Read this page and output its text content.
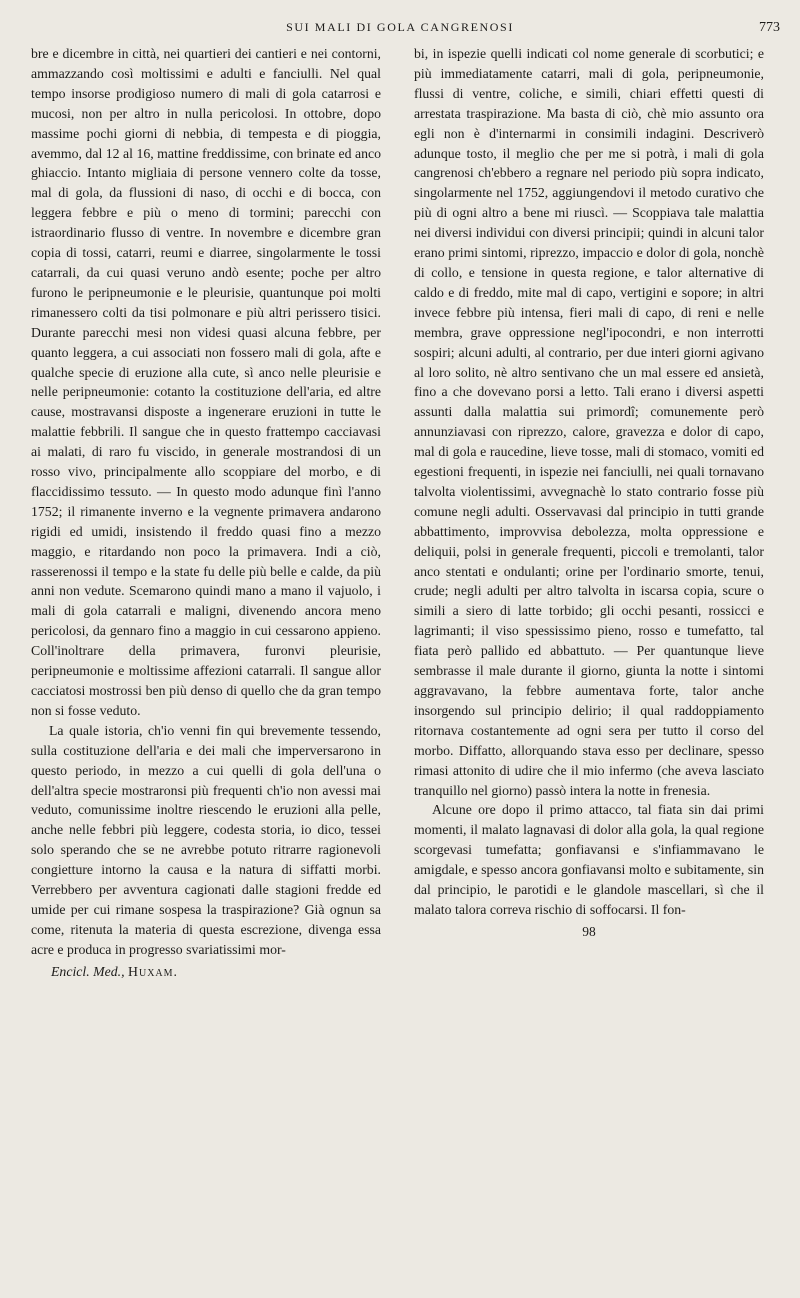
SUI MALI DI GOLA CANGRENOSI	773

bre e dicembre in città, nei quartieri dei cantieri e nei contorni, ammazzando così moltissimi e adulti e fanciulli. Nel qual tempo insorse prodigioso numero di mali di gola catarrosi e mucosi, non per altro in nulla pericolosi. In ottobre, dopo massime pochi giorni di nebbia, di tempesta e di pioggia, avemmo, dal 12 al 16, mattine freddissime, con brinate ed anco ghiaccio. Intanto migliaia di persone vennero colte da tosse, mal di gola, da flussioni di naso, di occhi e di bocca, con leggera febbre e più o meno di tormini; parecchi con istraordinario flusso di ventre. In novembre e dicembre gran copia di tossi, catarri, reumi e diarree, singolarmente le tossi catarrali, da cui quasi veruno andò esente; poche per altro furono le peripneumonie e le pleurisie, quantunque poi molti rimanessero colti da tisi polmonare e più altri perissero tisici. Durante parecchi mesi non videsi quasi alcuna febbre, per quanto leggera, a cui associati non fossero mali di gola, afte e qualche specie di eruzione alla cute, sì anco nelle pleurisie e nelle peripneumonie: cotanto la costituzione dell'aria, ed altre cause, mostravansi disposte a ingenerare eruzioni in tutte le malattie febbrili. Il sangue che in questo frattempo cacciavasi ai malati, di raro fu viscido, in generale mostrandosi di un rosso vivo, principalmente allo scoppiare del morbo, e di flaccidissimo tessuto. — In questo modo adunque finì l'anno 1752; il rimanente inverno e la vegnente primavera andarono rigidi ed umidi, insistendo il freddo quasi fino a mezzo maggio, e ritardando non poco la primavera. Indi a ciò, rasserenossi il tempo e la state fu delle più belle e calde, da più anni non vedute. Scemarono quindi mano a mano il vajuolo, i mali di gola catarrali e maligni, divenendo ancora meno pericolosi, da gennaro fino a maggio in cui cessarono appieno. Coll'inoltrare della primavera, furonvi pleurisie, peripneumonie e moltissime affezioni catarrali. Il sangue allor cacciatosi mostrossi ben più denso di quello che da gran tempo non si fosse veduto.

La quale istoria, ch'io venni fin qui brevemente tessendo, sulla costituzione dell'aria e dei mali che imperversarono in questo periodo, in mezzo a cui quelli di gola dell'una o dell'altra specie mostraronsi più frequenti ch'io non avessi mai veduto, comunissime inoltre riescendo le eruzioni alla pelle, anche nelle febbri più leggere, codesta storia, io dico, tessei solo sperando che se ne avrebbe potuto ritrarre ragionevoli congietture intorno la causa e la natura di siffatti morbi. Verrebbero per avventura cagionati dalle stagioni fredde ed umide per cui rimane sospesa la traspirazione? Già ognun sa come, ritenuta la materia di questa escrezione, divenga essa acre e produca in progresso svariatissimi mor-

Encicl. Med., Huxam.

bi, in ispezie quelli indicati col nome generale di scorbutici; e più immediatamente catarri, mali di gola, peripneumonie, flussi di ventre, coliche, e simili, chiari effetti questi di arrestata traspirazione. Ma basta di ciò, chè mio assunto ora egli non è d'internarmi in consimili indagini. Descriverò adunque tosto, il meglio che per me si potrà, i mali di gola cangrenosi ch'ebbero a regnare nel periodo più sopra indicato, singolarmente nel 1752, aggiungendovi il metodo curativo che più di ogni altro a bene mi riuscì. — Scoppiava tale malattia nei diversi individui con diversi principii; quindi in alcuni talor erano primi sintomi, riprezzo, impaccio e dolor di gola, nonchè di collo, e tensione in questa regione, e talor alternative di caldo e di freddo, mite mal di capo, vertigini e sopore; in altri invece febbre più intensa, fieri mali di capo, di reni e nelle membra, grave oppressione negl'ipocondri, e non interrotti sospiri; alcuni adulti, al contrario, per due interi giorni agivano al loro solito, nè altro sentivano che un mal essere ed ansietà, fino a che dovevano porsi a letto. Tali erano i diversi aspetti assunti dalla malattia sui primordî; comunemente però annunziavasi con riprezzo, calore, gravezza e dolor di capo, mal di gola e raucedine, lieve tosse, mali di stomaco, vomiti ed egestioni frequenti, in ispezie nei fanciulli, nei quali tornavano talvolta violentissimi, avvegnachè lo stato contrario fosse più comune negli adulti. Osservavasi dal principio in tutti grande abbattimento, improvvisa debolezza, molta oppressione e deliquii, polsi in generale frequenti, piccoli e tremolanti, talor anco stentati e ondulanti; orine per l'ordinario smorte, tenui, crude; negli adulti per altro talvolta in iscarsa copia, scure o simili a siero di latte torbido; gli occhi pesanti, rossicci e lagrimanti; il viso spessissimo pieno, rosso e tumefatto, tal fiata però pallido ed abbattuto. — Per quantunque lieve sembrasse il male durante il giorno, giunta la notte i sintomi aggravavano, la febbre aumentava forte, talor anche insorgendo sul principio delirio; il qual raddoppiamento ritornava costantemente ad ogni sera per tutto il corso del morbo. Diffatto, allorquando stava esso per declinare, spesso rimasi attonito di udire che il mio infermo (che aveva lasciato tranquillo nel giorno) passò intera la notte in frenesia.

Alcune ore dopo il primo attacco, tal fiata sin dai primi momenti, il malato lagnavasi di dolor alla gola, la qual regione scorgevasi tumefatta; gonfiavansi e s'infiammavano le amigdale, e spesso ancora gonfiavansi molto e subitamente, sin dal principio, le parotidi e le glandole mascellari, sì che il malato talora correva rischio di soffocarsi. Il fon-

98
